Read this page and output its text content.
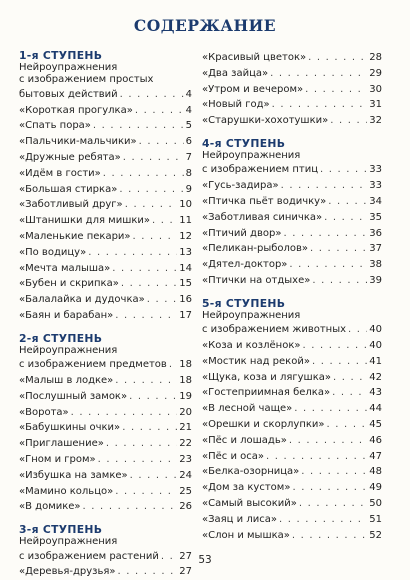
СОДЕРЖАНИЕ
1-я СТУПЕНЬ
Нейроупражнения
с изображением простых
бытовых действий . . .	4
«Короткая прогулка» . . .	4
«Спать пора» . . .	5
«Пальчики-мальчики» . . .	6
«Дружные ребята» . . .	7
«Идём в гости» . . .	8
«Большая стирка» . . .	9
«Заботливый друг» . . .	10
«Штанишки для мишки» . . .	11
«Маленькие пекари» . . .	12
«По водицу» . . .	13
«Мечта малыша» . . .	14
«Бубен и скрипка» . . .	15
«Балалайка и дудочка» . . .	16
«Баян и барабан» . . .	17
2-я СТУПЕНЬ
Нейроупражнения
с изображением предметов . . . 18
«Малыш в лодке» . . .	18
«Послушный замок» . . .	19
«Ворота» . . .	20
«Бабушкины очки» . . .	21
«Приглашение» . . .	22
«Гном и гром» . . .	23
«Избушка на замке» . . .	24
«Мамино кольцо» . . .	25
«В домике» . . .	26
3-я СТУПЕНЬ
Нейроупражнения
с изображением растений . . . 27
«Деревья-друзья» . . .	27
«Красивый цветок» . . .	28
«Два зайца» . . .	29
«Утром и вечером» . . .	30
«Новый год» . . .	31
«Старушки-хохотушки» . . .	32
4-я СТУПЕНЬ
Нейроупражнения
с изображением птиц . . .	33
«Гусь-задира» . . .	33
«Птичка пьёт водичку» . . .	34
«Заботливая синичка» . . .	35
«Птичий двор» . . .	36
«Пеликан-рыболов» . . .	37
«Дятел-доктор» . . .	38
«Птички на отдыхе» . . .	39
5-я СТУПЕНЬ
Нейроупражнения
с изображением животных . . . 40
«Коза и козлёнок» . . .	40
«Мостик над рекой» . . .	41
«Щука, коза и лягушка» . . .	42
«Гостеприимная белка» . . .	43
«В лесной чаще» . . .	44
«Орешки и скорлупки» . . .	45
«Пёс и лошадь» . . .	46
«Пёс и оса» . . .	47
«Белка-озорница» . . .	48
«Дом за кустом» . . .	49
«Самый высокий» . . .	50
«Заяц и лиса» . . .	51
«Слон и мышка» . . .	52
53
